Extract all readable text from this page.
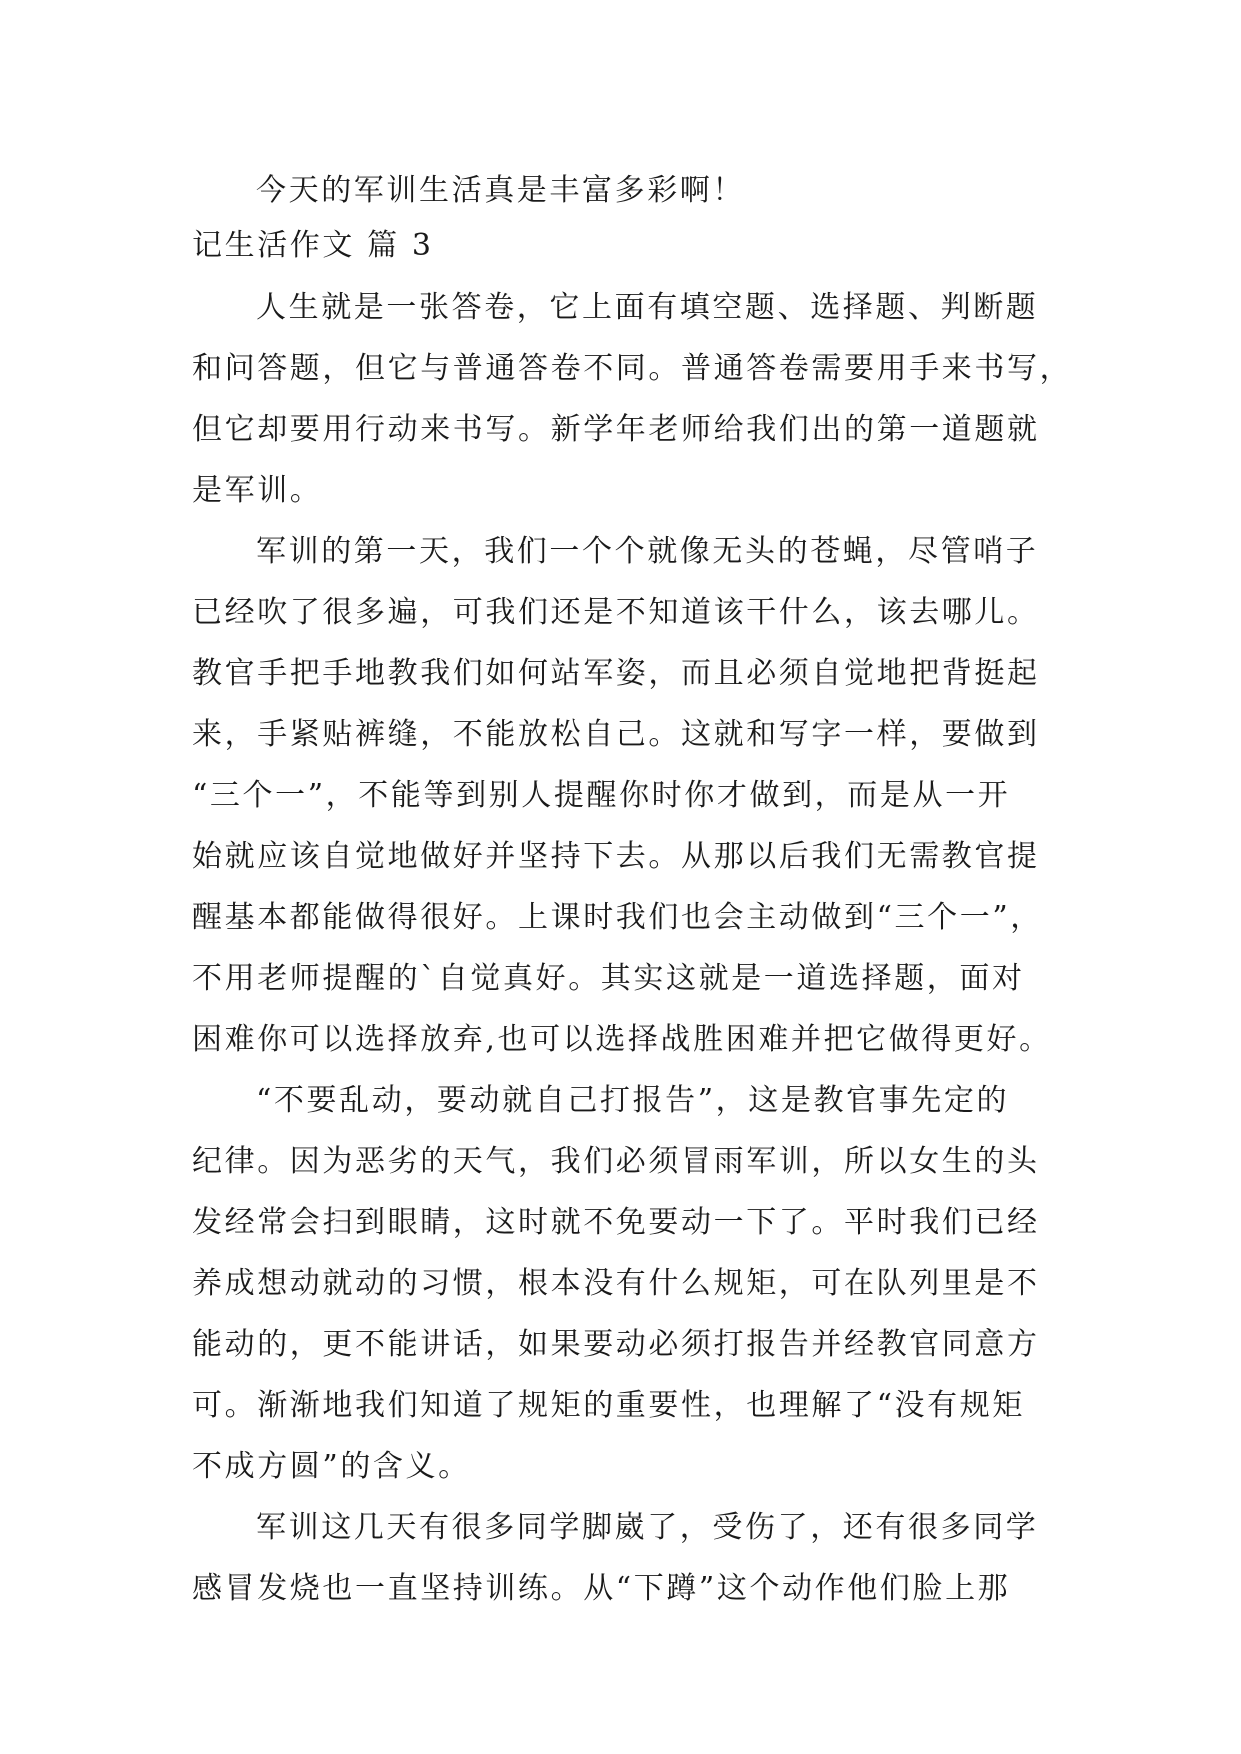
今天的军训生活真是丰富多彩啊！
记生活作文 篇 3
人生就是一张答卷，它上面有填空题、选择题、判断题
和问答题，但它与普通答卷不同。普通答卷需要用手来书写，
但它却要用行动来书写。新学年老师给我们出的第一道题就
是军训。
军训的第一天，我们一个个就像无头的苍蝇，尽管哨子
已经吹了很多遍，可我们还是不知道该干什么，该去哪儿。
教官手把手地教我们如何站军姿，而且必须自觉地把背挺起
来，手紧贴裤缝，不能放松自己。这就和写字一样，要做到
“三个一”，不能等到别人提醒你时你才做到，而是从一开
始就应该自觉地做好并坚持下去。从那以后我们无需教官提
醒基本都能做得很好。上课时我们也会主动做到“三个一”，
不用老师提醒的`自觉真好。其实这就是一道选择题，面对
困难你可以选择放弃,也可以选择战胜困难并把它做得更好。
“不要乱动，要动就自己打报告”，这是教官事先定的
纪律。因为恶劣的天气，我们必须冒雨军训，所以女生的头
发经常会扫到眼睛，这时就不免要动一下了。平时我们已经
养成想动就动的习惯，根本没有什么规矩，可在队列里是不
能动的，更不能讲话，如果要动必须打报告并经教官同意方
可。渐渐地我们知道了规矩的重要性，也理解了“没有规矩
不成方圆”的含义。
军训这几天有很多同学脚崴了，受伤了，还有很多同学
感冒发烧也一直坚持训练。从“下蹲”这个动作他们脸上那
